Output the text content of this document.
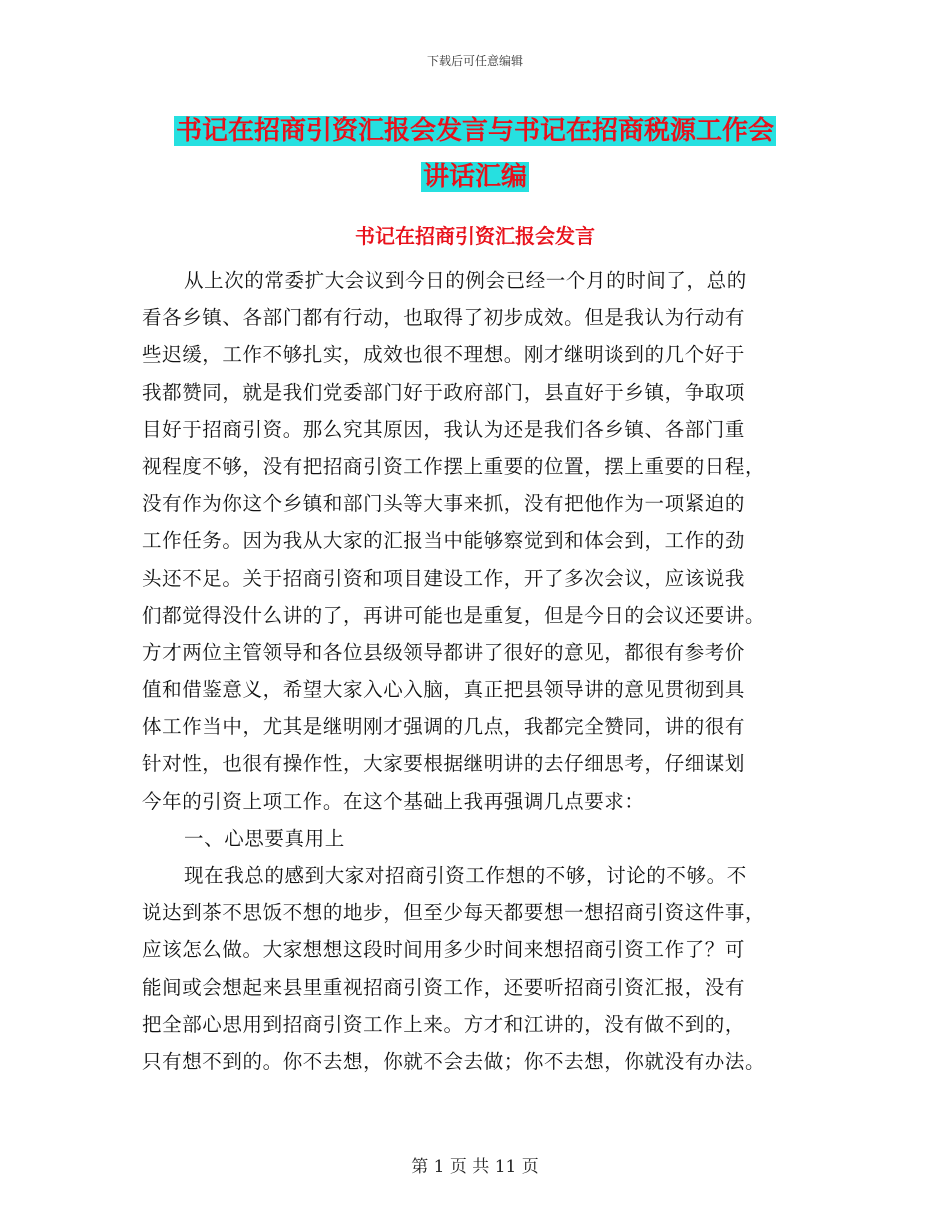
下载后可任意编辑
书记在招商引资汇报会发言与书记在招商税源工作会
讲话汇编
书记在招商引资汇报会发言
从上次的常委扩大会议到今日的例会已经一个月的时间了，总的
看各乡镇、各部门都有行动，也取得了初步成效。但是我认为行动有
些迟缓，工作不够扎实，成效也很不理想。刚才继明谈到的几个好于
我都赞同，就是我们党委部门好于政府部门，县直好于乡镇，争取项
目好于招商引资。那么究其原因，我认为还是我们各乡镇、各部门重
视程度不够，没有把招商引资工作摆上重要的位置，摆上重要的日程，
没有作为你这个乡镇和部门头等大事来抓，没有把他作为一项紧迫的
工作任务。因为我从大家的汇报当中能够察觉到和体会到，工作的劲
头还不足。关于招商引资和项目建设工作，开了多次会议，应该说我
们都觉得没什么讲的了，再讲可能也是重复，但是今日的会议还要讲。
方才两位主管领导和各位县级领导都讲了很好的意见，都很有参考价
值和借鉴意义，希望大家入心入脑，真正把县领导讲的意见贯彻到具
体工作当中，尤其是继明刚才强调的几点，我都完全赞同，讲的很有
针对性，也很有操作性，大家要根据继明讲的去仔细思考，仔细谋划
今年的引资上项工作。在这个基础上我再强调几点要求：
一、心思要真用上
现在我总的感到大家对招商引资工作想的不够，讨论的不够。不
说达到茶不思饭不想的地步，但至少每天都要想一想招商引资这件事，
应该怎么做。大家想想这段时间用多少时间来想招商引资工作了？可
能间或会想起来县里重视招商引资工作，还要听招商引资汇报，没有
把全部心思用到招商引资工作上来。方才和江讲的，没有做不到的，
只有想不到的。你不去想，你就不会去做；你不去想，你就没有办法。
第 1 页 共 11 页
